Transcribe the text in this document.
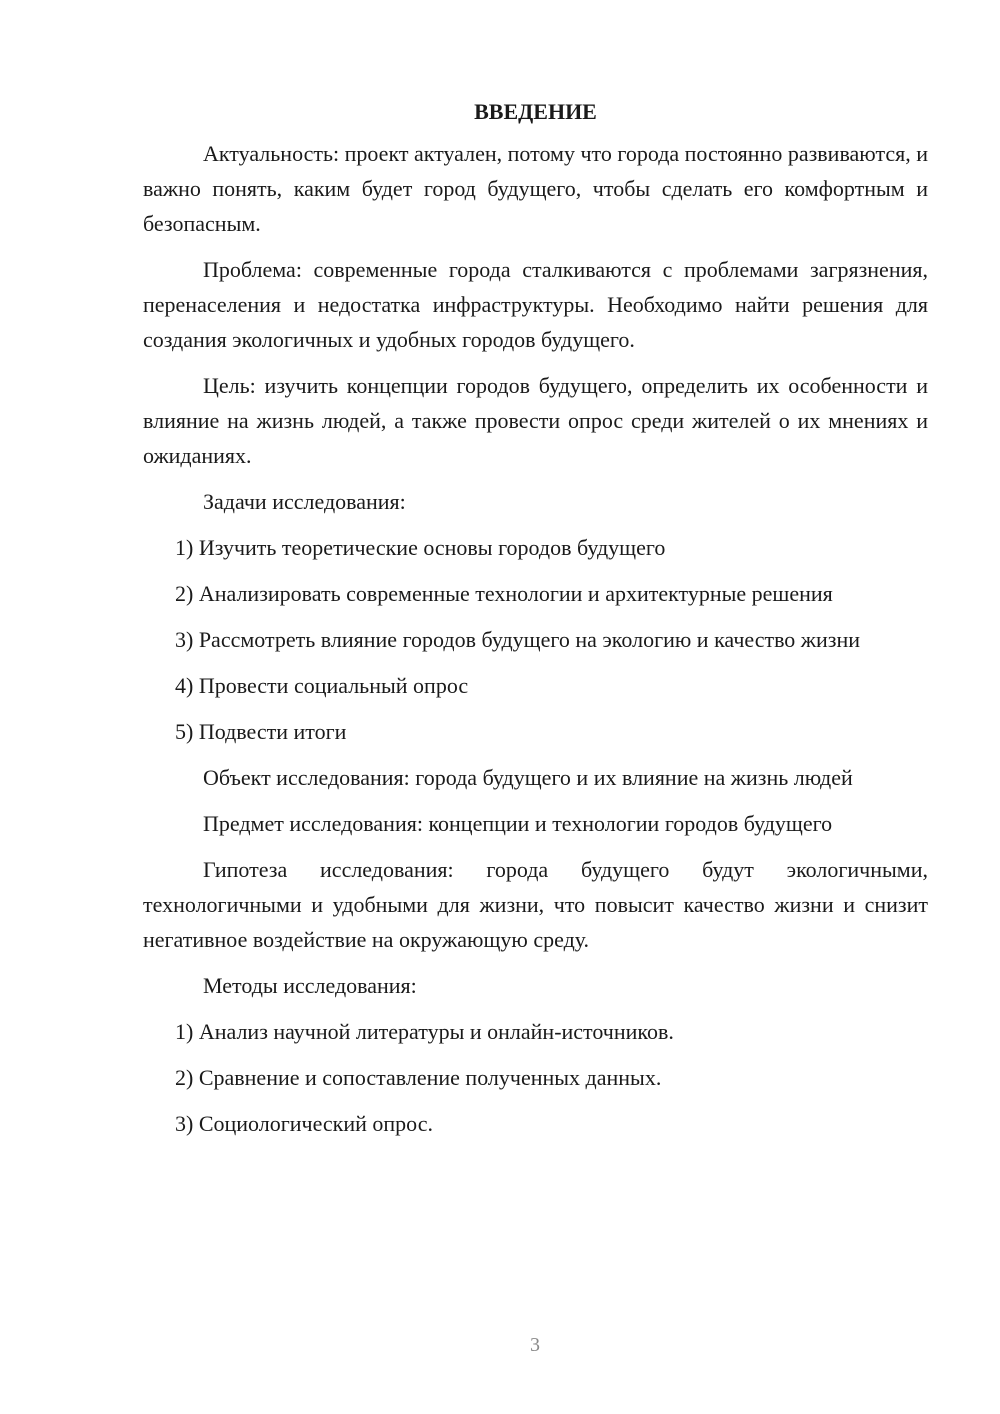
ВВЕДЕНИЕ

Актуальность: проект актуален, потому что города постоянно развиваются, и важно понять, каким будет город будущего, чтобы сделать его комфортным и безопасным.

Проблема: современные города сталкиваются с проблемами загрязнения, перенаселения и недостатка инфраструктуры. Необходимо найти решения для создания экологичных и удобных городов будущего.

Цель: изучить концепции городов будущего, определить их особенности и влияние на жизнь людей, а также провести опрос среди жителей о их мнениях и ожиданиях.

Задачи исследования:

1) Изучить теоретические основы городов будущего

2) Анализировать современные технологии и архитектурные решения

3) Рассмотреть влияние городов будущего на экологию и качество жизни

4) Провести социальный опрос

5) Подвести итоги

Объект исследования: города будущего и их влияние на жизнь людей

Предмет исследования: концепции и технологии городов будущего

Гипотеза исследования: города будущего будут экологичными, технологичными и удобными для жизни, что повысит качество жизни и снизит негативное воздействие на окружающую среду.

Методы исследования:

1) Анализ научной литературы и онлайн-источников.

2) Сравнение и сопоставление полученных данных.

3) Социологический опрос.

3
